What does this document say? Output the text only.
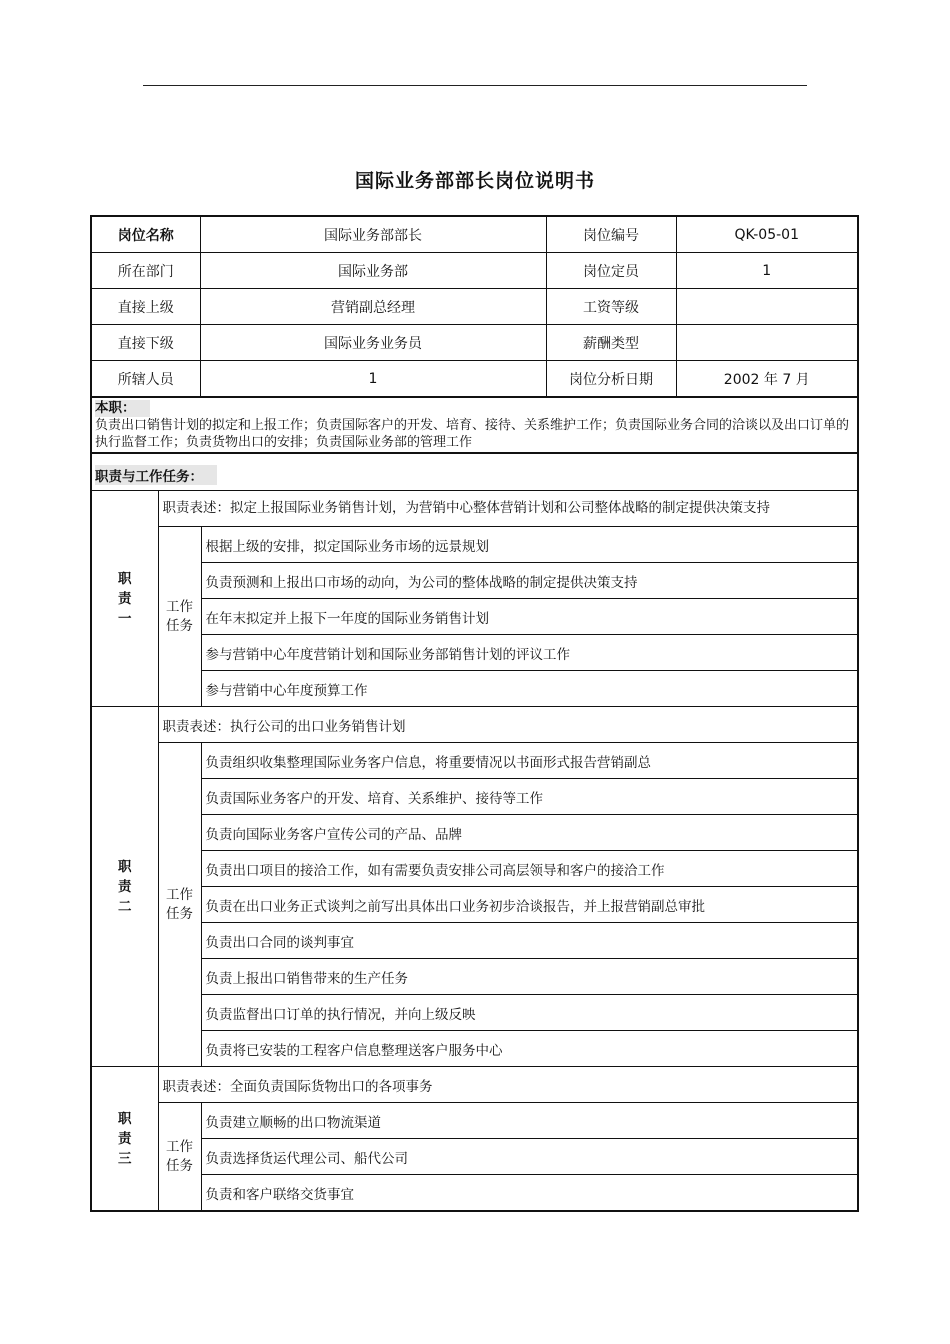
国际业务部部长岗位说明书
岗位名称	国际业务部部长	岗位编号	QK-05-01
所在部门	国际业务部	岗位定员	1
直接上级	营销副总经理	工资等级	
直接下级	国际业务业务员	薪酬类型	
所辖人员	1	岗位分析日期	2002 年 7 月
本职：
负责出口销售计划的拟定和上报工作；负责国际客户的开发、培育、接待、关系维护工作；负责国际业务合同的洽谈以及出口订单的执行监督工作；负责货物出口的安排；负责国际业务部的管理工作
职责与工作任务：
职责一	职责表述：拟定上报国际业务销售计划，为营销中心整体营销计划和公司整体战略的制定提供决策支持	
	工作任务	根据上级的安排，拟定国际业务市场的远景规划
		负责预测和上报出口市场的动向，为公司的整体战略的制定提供决策支持
		在年末拟定并上报下一年度的国际业务销售计划
		参与营销中心年度营销计划和国际业务部销售计划的评议工作
		参与营销中心年度预算工作
职责二	职责表述：执行公司的出口业务销售计划	
	工作任务	负责组织收集整理国际业务客户信息，将重要情况以书面形式报告营销副总
		负责国际业务客户的开发、培育、关系维护、接待等工作
		负责向国际业务客户宣传公司的产品、品牌
		负责出口项目的接洽工作，如有需要负责安排公司高层领导和客户的接洽工作
		负责在出口业务正式谈判之前写出具体出口业务初步洽谈报告，并上报营销副总审批
		负责出口合同的谈判事宜
		负责上报出口销售带来的生产任务
		负责监督出口订单的执行情况，并向上级反映
		负责将已安装的工程客户信息整理送客户服务中心
职责三	职责表述：全面负责国际货物出口的各项事务	
	工作任务	负责建立顺畅的出口物流渠道
		负责选择货运代理公司、船代公司
		负责和客户联络交货事宜
